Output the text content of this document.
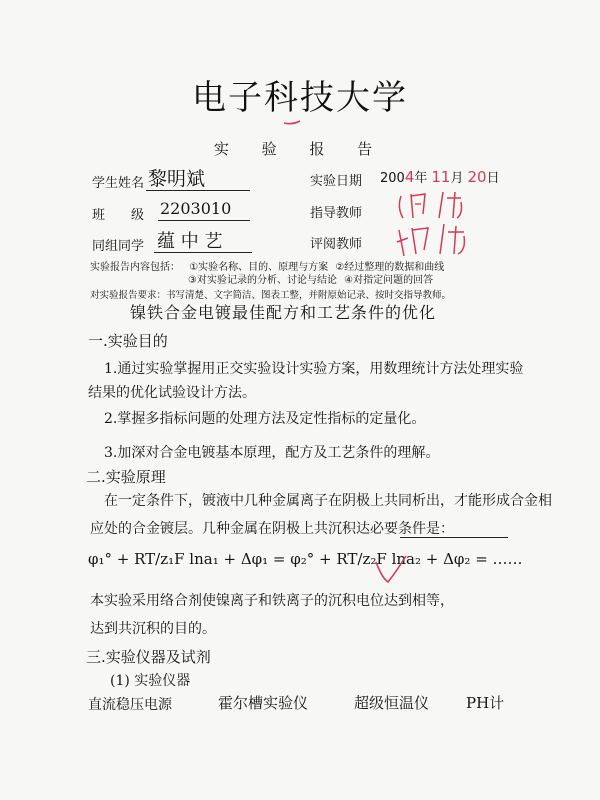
电子科技大学
实 验 报 告
学生姓名 黎明斌	实验日期 2004年 11月 20日
班　　级 2203010	指导教师
同组同学 蕴 中 艺	评阅教师
实验报告内容包括： ①实验名称、目的、原理与方案 ②经过整理的数据和曲线
③对实验记录的分析、讨论与结论 ④对指定问题的回答
对实验报告要求：书写清楚、文字简洁、图表工整，并附原始记录、按时交指导教师。
镍铁合金电镀最佳配方和工艺条件的优化
一.实验目的
1.通过实验掌握用正交实验设计实验方案，用数理统计方法处理实验
结果的优化试验设计方法。
2.掌握多指标问题的处理方法及定性指标的定量化。
3.加深对合金电镀基本原理，配方及工艺条件的理解。
二.实验原理
在一定条件下，镀液中几种金属离子在阴极上共同析出，才能形成合金相
应处的合金镀层。几种金属在阴极上共沉积达必要条件是：
φ₁° + RT/z₁F lna₁ + Δφ₁ = φ₂° + RT/z₂F lna₂ + Δφ₂ = ……
本实验采用络合剂使镍离子和铁离子的沉积电位达到相等，
达到共沉积的目的。
三.实验仪器及试剂
(1) 实验仪器
直流稳压电源	霍尔槽实验仪	超级恒温仪 PH计
